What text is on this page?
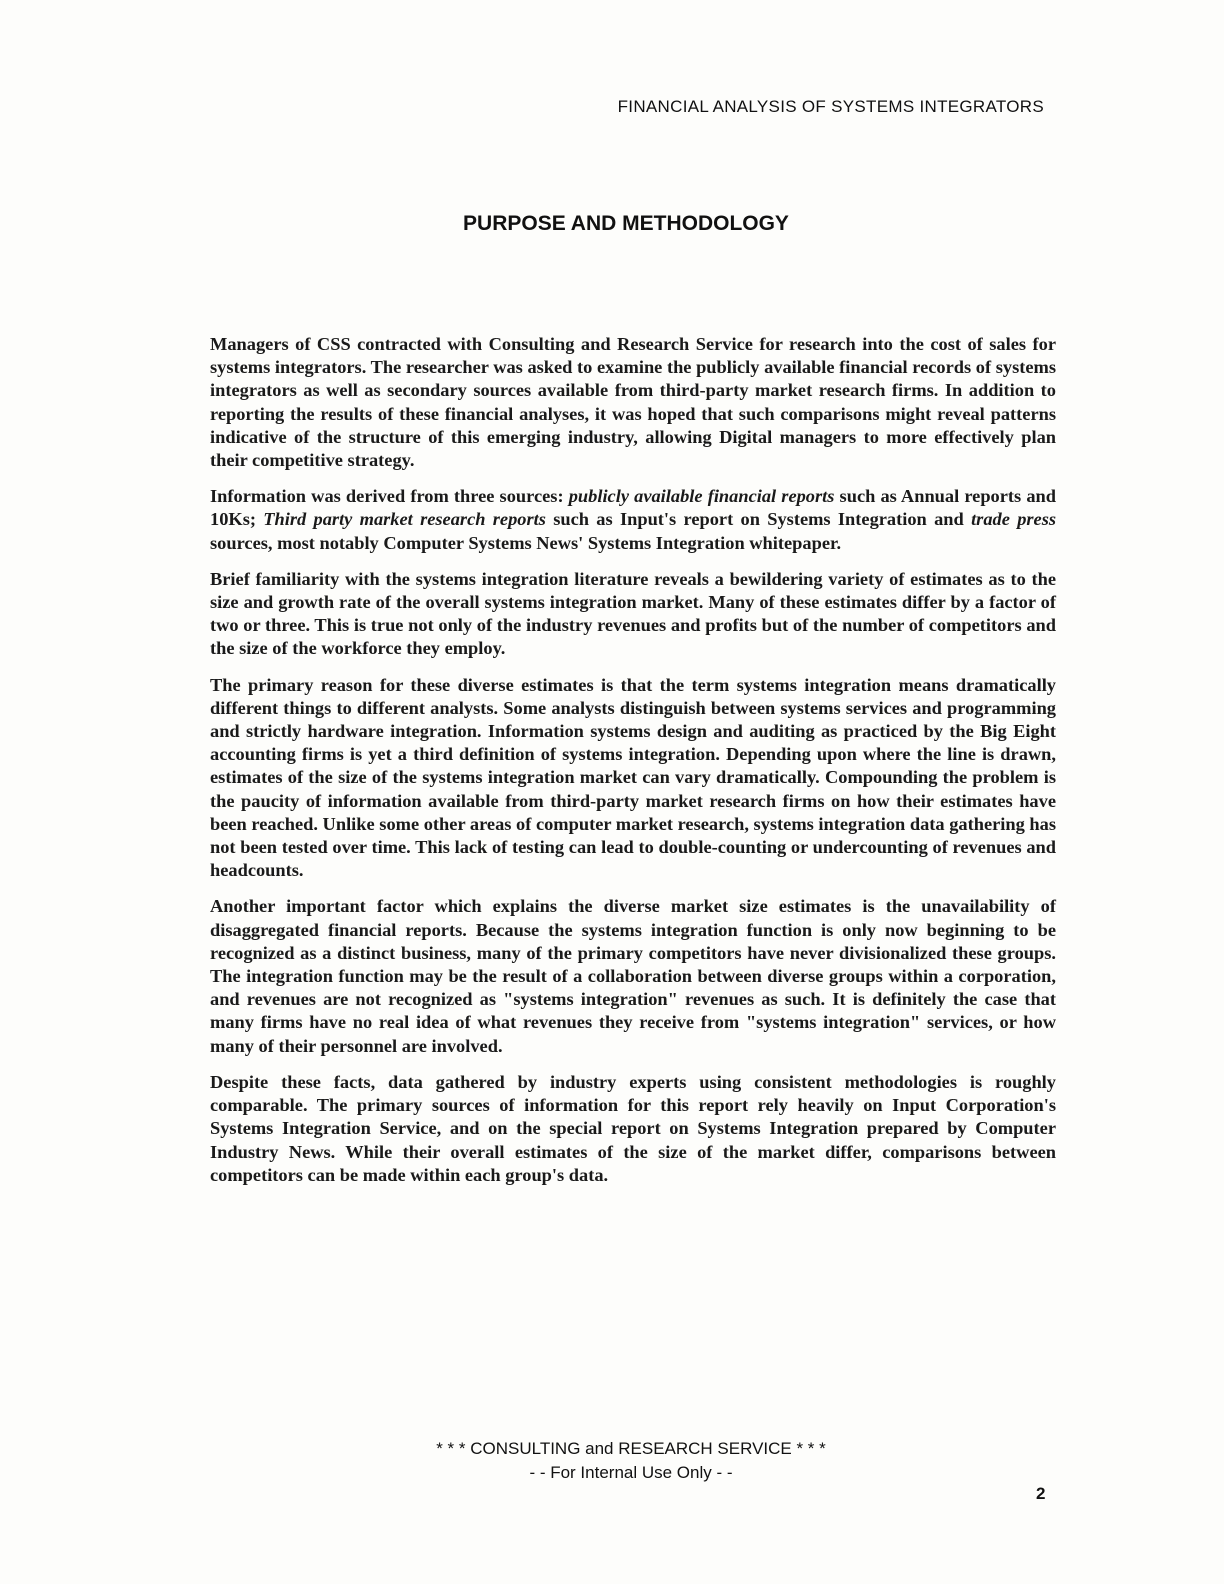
FINANCIAL ANALYSIS OF SYSTEMS INTEGRATORS
PURPOSE AND METHODOLOGY

Managers of CSS contracted with Consulting and Research Service for research into the cost of sales for systems integrators. The researcher was asked to examine the publicly available financial records of systems integrators as well as secondary sources available from third-party market research firms. In addition to reporting the results of these financial analyses, it was hoped that such comparisons might reveal patterns indicative of the structure of this emerging industry, allowing Digital managers to more effectively plan their competitive strategy.

Information was derived from three sources: publicly available financial reports such as Annual reports and 10Ks; Third party market research reports such as Input's report on Systems Integration and trade press sources, most notably Computer Systems News' Systems Integration whitepaper.

Brief familiarity with the systems integration literature reveals a bewildering variety of estimates as to the size and growth rate of the overall systems integration market. Many of these estimates differ by a factor of two or three. This is true not only of the industry revenues and profits but of the number of competitors and the size of the workforce they employ.

The primary reason for these diverse estimates is that the term systems integration means dramatically different things to different analysts. Some analysts distinguish between systems services and programming and strictly hardware integration. Information systems design and auditing as practiced by the Big Eight accounting firms is yet a third definition of systems integration. Depending upon where the line is drawn, estimates of the size of the systems integration market can vary dramatically. Compounding the problem is the paucity of information available from third-party market research firms on how their estimates have been reached. Unlike some other areas of computer market research, systems integration data gathering has not been tested over time. This lack of testing can lead to double-counting or undercounting of revenues and headcounts.

Another important factor which explains the diverse market size estimates is the unavailability of disaggregated financial reports. Because the systems integration function is only now beginning to be recognized as a distinct business, many of the primary competitors have never divisionalized these groups. The integration function may be the result of a collaboration between diverse groups within a corporation, and revenues are not recognized as "systems integration" revenues as such. It is definitely the case that many firms have no real idea of what revenues they receive from "systems integration" services, or how many of their personnel are involved.

Despite these facts, data gathered by industry experts using consistent methodologies is roughly comparable. The primary sources of information for this report rely heavily on Input Corporation's Systems Integration Service, and on the special report on Systems Integration prepared by Computer Industry News. While their overall estimates of the size of the market differ, comparisons between competitors can be made within each group's data.

* * * CONSULTING and RESEARCH SERVICE * * *
- - For Internal Use Only - -
2
